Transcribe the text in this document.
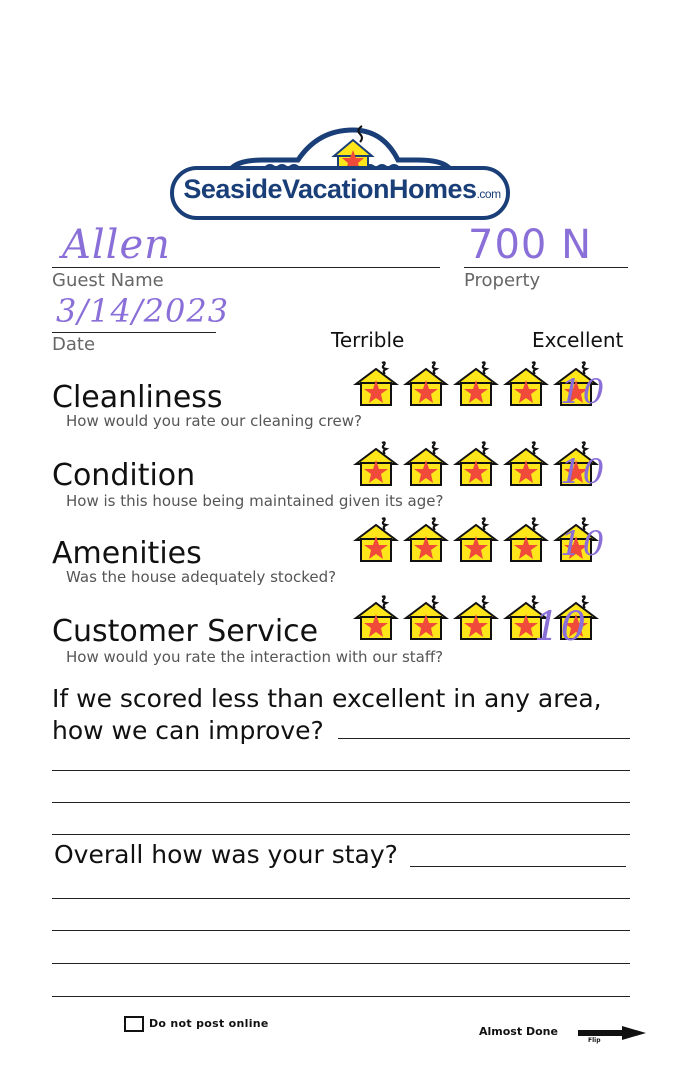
SeasideVacationHomes.com
Allen
Guest Name
700 N
Property
3/14/2023
Date	Terrible	Excellent
Cleanliness
How would you rate our cleaning crew?
10
Condition
How is this house being maintained given its age?
10
Amenities
Was the house adequately stocked?
10
Customer Service
How would you rate the interaction with our staff?
10
If we scored less than excellent in any area, how we can improve?
Overall how was your stay?
Do not post online
Almost Done
Flip
